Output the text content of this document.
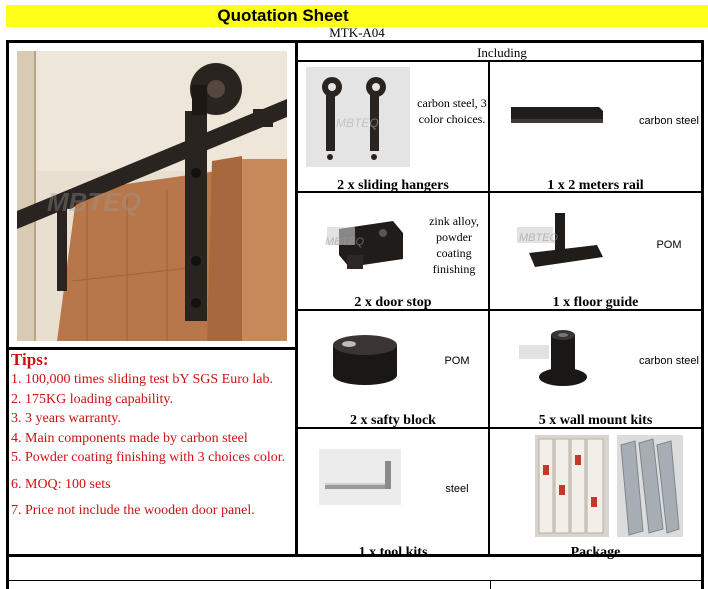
Quotation Sheet
MTK-A04
MBTEQ
Including
MBTEQ
carbon steel, 3 color choices.
2 x sliding hangers
carbon steel
1 x 2 meters rail
MBTEQ
zink alloy, powder coating finishing
2 x door stop
MBTEQ
POM
1 x floor guide
POM
2 x safty block
carbon steel
5 x wall mount kits
steel
1 x tool kits	Package
Tips:
1. 100,000 times sliding test bY SGS Euro lab.
2. 175KG loading capability.
3. 3 years warranty.
4. Main components made by carbon steel
5. Powder coating finishing with 3 choices color.
6. MOQ: 100 sets
7. Price not include the wooden door panel.
